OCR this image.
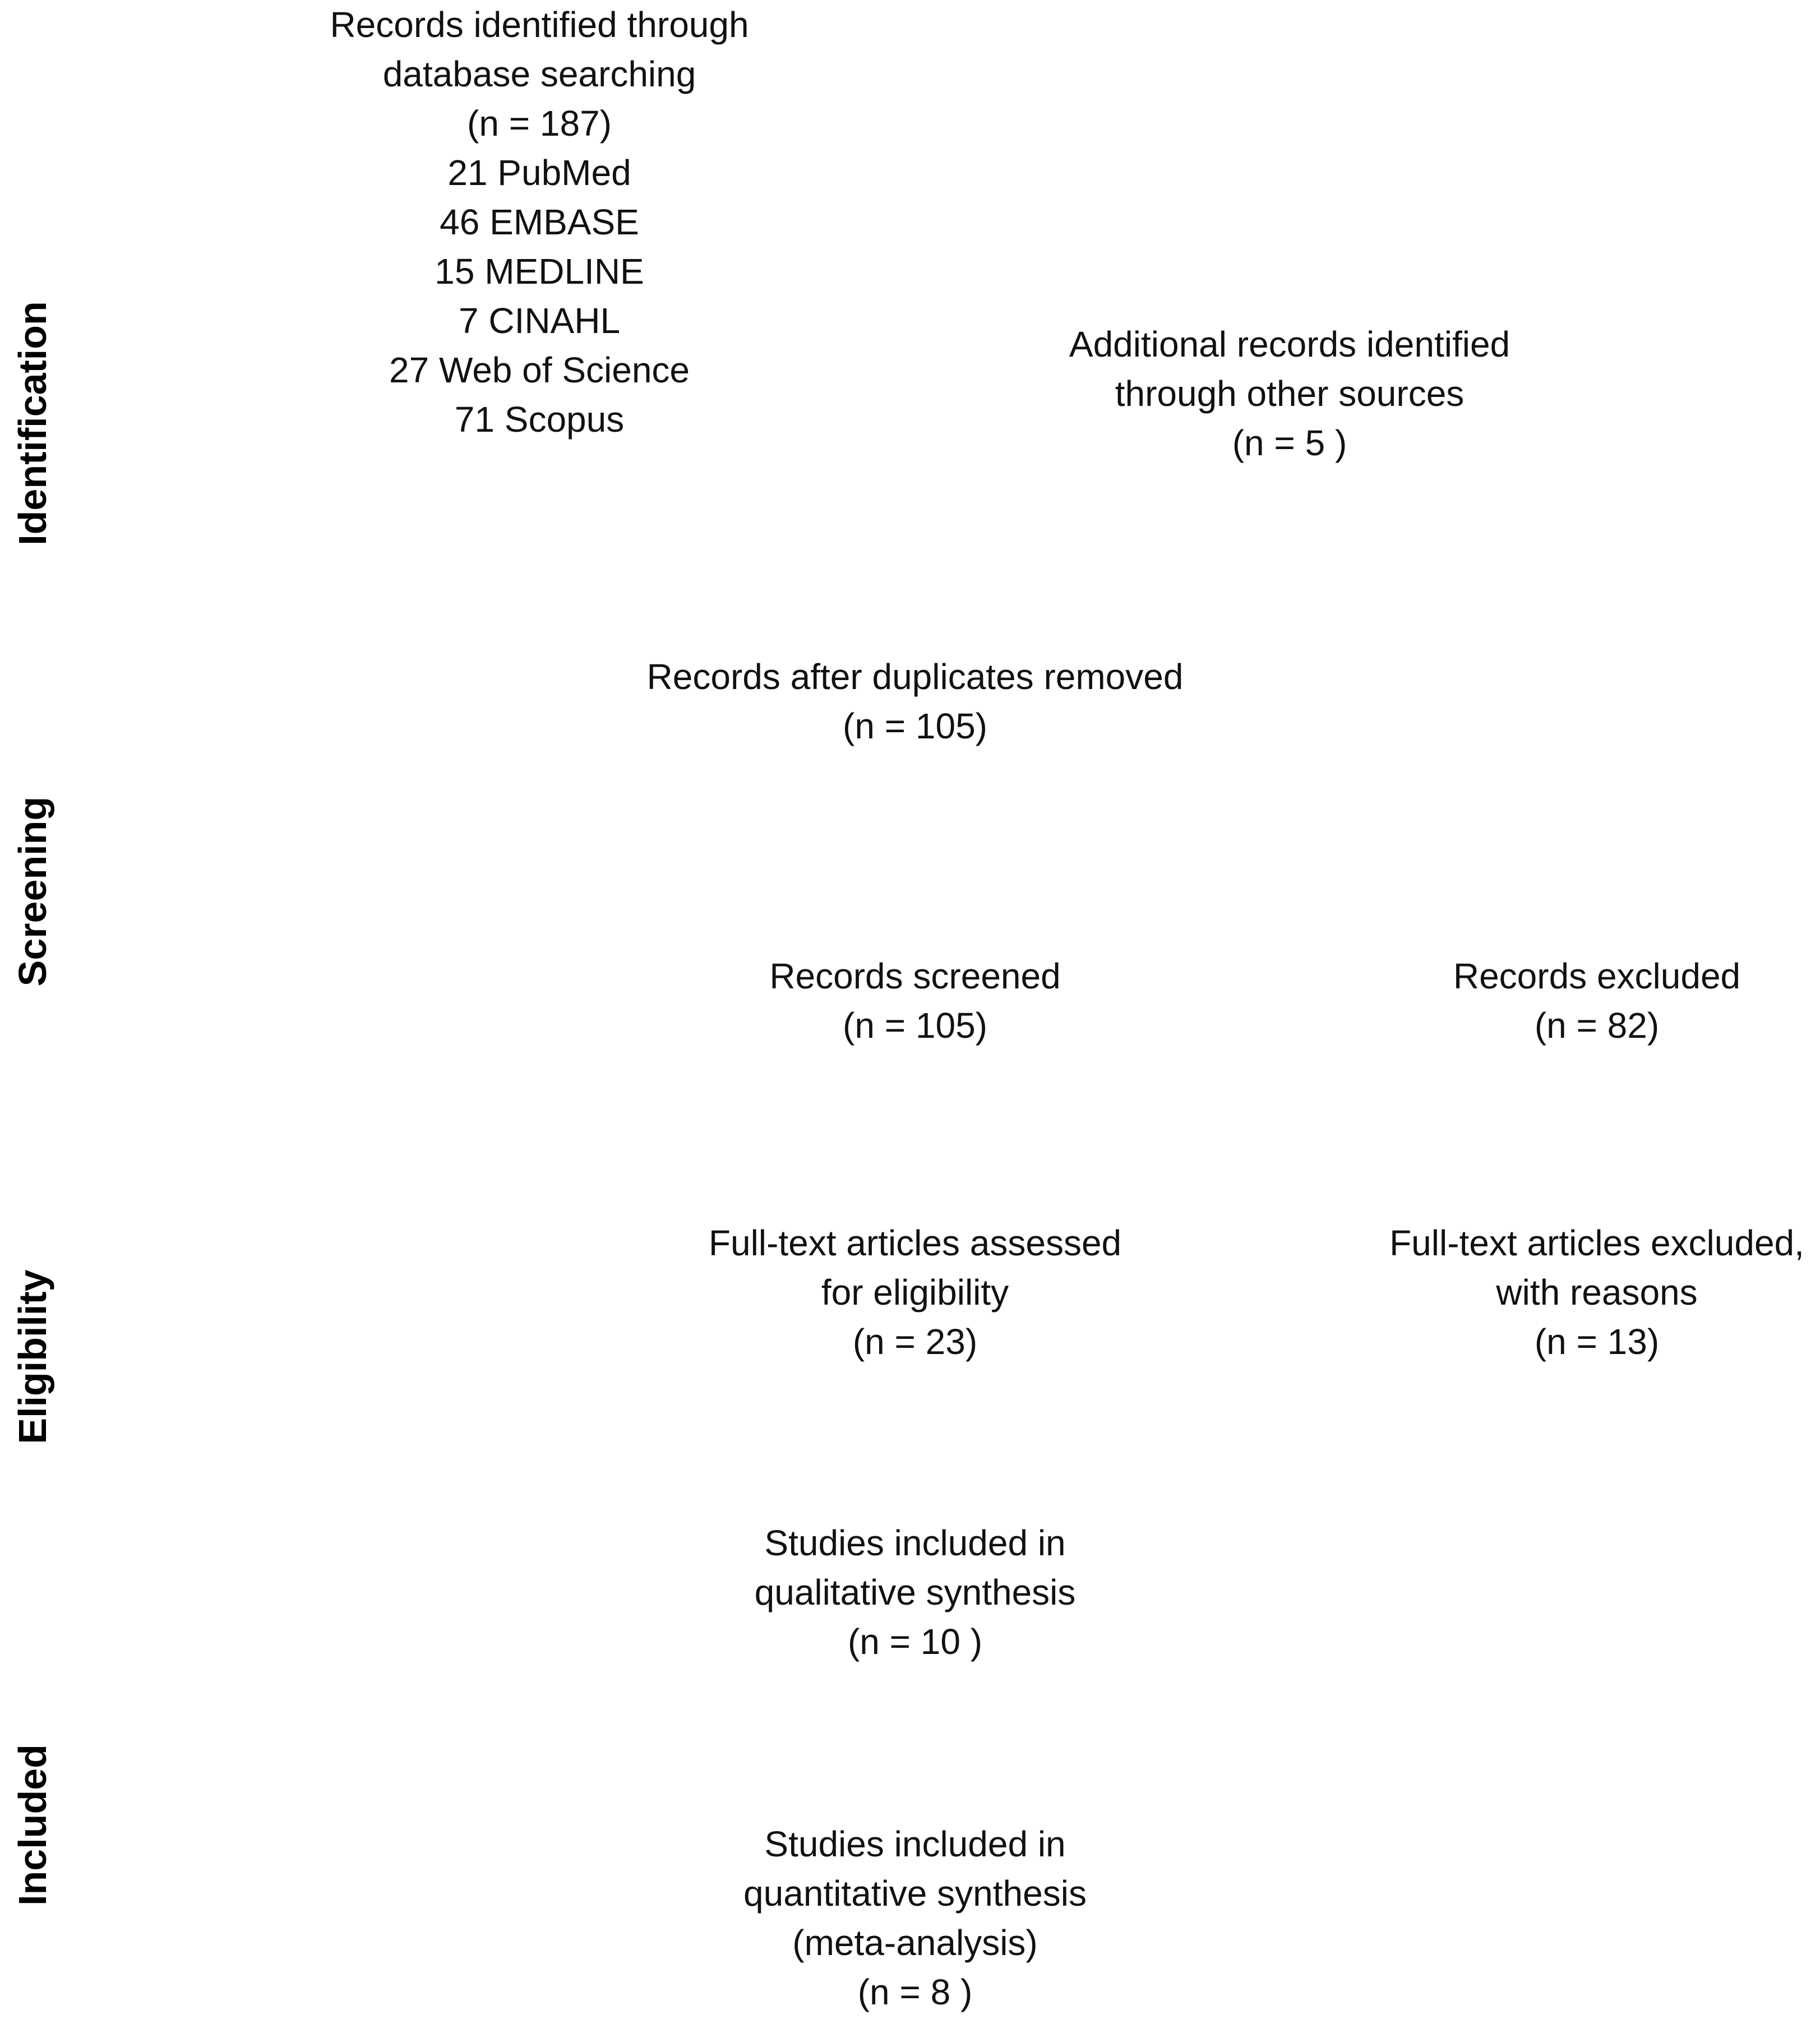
Identification
Screening
Eligibility
Included
Records identified through
database searching
(n = 187)
21 PubMed
46 EMBASE
15 MEDLINE
7 CINAHL
27 Web of Science
71 Scopus
Additional records identified
through other sources
(n = 5 )
Records after duplicates removed
(n = 105)
Records screened
(n = 105)
Records excluded
(n = 82)
Full-text articles assessed
for eligibility
(n = 23)
Full-text articles excluded,
with reasons
(n = 13)
Studies included in
qualitative synthesis
(n = 10 )
Studies included in
quantitative synthesis
(meta-analysis)
(n = 8 )
